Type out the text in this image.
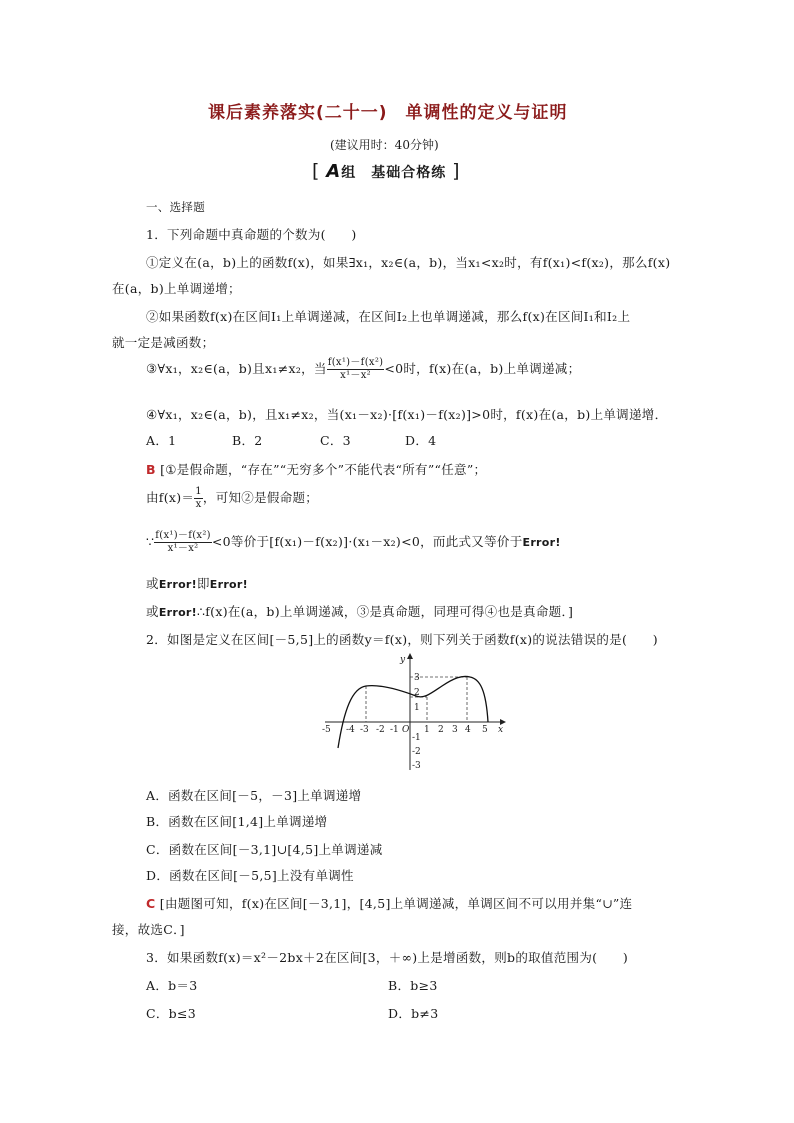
课后素养落实(二十一)　单调性的定义与证明
(建议用时：40分钟)
[ A组　基础合格练 ]
一、选择题
1．下列命题中真命题的个数为(　　)
①定义在(a，b)上的函数f(x)，如果∃x₁，x₂∈(a，b)，当x₁<x₂时，有f(x₁)<f(x₂)，那么f(x)
在(a，b)上单调递增；
②如果函数f(x)在区间I₁上单调递减，在区间I₂上也单调递减，那么f(x)在区间I₁和I₂上
就一定是减函数；
③∀x₁，x₂∈(a，b)且x₁≠x₂，当 $\frac{\text{f(x¹)－f(x²)}}{\text{x¹－x²}} <0$时，f(x)在(a，b)上单调递减；
④∀x₁，x₂∈(a，b)，且x₁≠x₂，当(x₁－x₂)·[f(x₁)－f(x₂)]>0时，f(x)在(a，b)上单调递增．
A．1	B．2	C．3	D．4
B [①是假命题，“存在”“无穷多个”不能代表“所有”“任意”；
由$f(x)= \frac{1}{x}$ ，可知②是假命题；
∵ $\frac{\text{f(x¹)－f(x²)}}{\text{x¹－x²}} <0$等价于[f(x₁)－f(x₂)]·(x₁－x₂)<0，而此式又等价于Error!
或Error!即Error!
或Error!∴f(x)在(a，b)上单调递减，③是真命题，同理可得④也是真命题．]
2．如图是定义在区间[－5,5]上的函数y＝f(x)，则下列关于函数f(x)的说法错误的是(　　)
-5 -4 -3 -2 -1 O 1 2 3 4 5 x
y
3
2
1
-1
-2
-3
A．函数在区间[－5，－3]上单调递增
B．函数在区间[1,4]上单调递增
C．函数在区间[－3,1]∪[4,5]上单调递减
D．函数在区间[－5,5]上没有单调性
C [由题图可知，f(x)在区间[－3,1]，[4,5]上单调递减，单调区间不可以用并集“∪”连
接，故选C．]
3．如果函数f(x)＝x²－2bx＋2在区间[3，＋∞)上是增函数，则b的取值范围为(　　)
A．b＝3	B．b≥3
C．b≤3	D．b≠3
